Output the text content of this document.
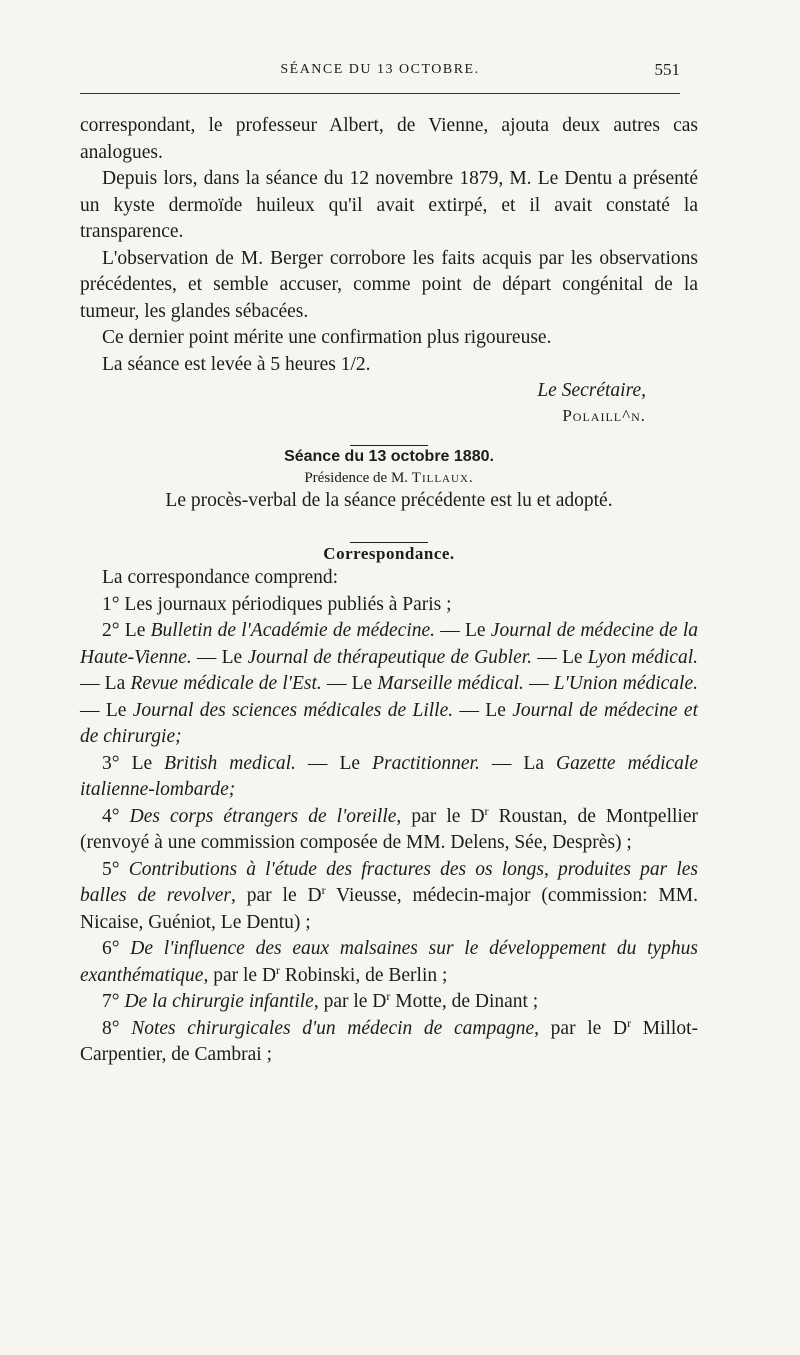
SÉANCE DU 13 OCTOBRE.	551

correspondant, le professeur Albert, de Vienne, ajouta deux autres cas analogues.

Depuis lors, dans la séance du 12 novembre 1879, M. Le Dentu a présenté un kyste dermoïde huileux qu'il avait extirpé, et il avait constaté la transparence.

L'observation de M. Berger corrobore les faits acquis par les observations précédentes, et semble accuser, comme point de départ congénital de la tumeur, les glandes sébacées.

Ce dernier point mérite une confirmation plus rigoureuse.

La séance est levée à 5 heures 1/2.

Le Secrétaire,

Polaill^n.

Séance du 13 octobre 1880.

Présidence de M. Tillaux.

Le procès-verbal de la séance précédente est lu et adopté.

Correspondance.

La correspondance comprend:

1° Les journaux périodiques publiés à Paris ;

2° Le Bulletin de l'Académie de médecine. — Le Journal de médecine de la Haute-Vienne. — Le Journal de thérapeutique de Gubler. — Le Lyon médical. — La Revue médicale de l'Est. — Le Marseille médical. — L'Union médicale. — Le Journal des sciences médicales de Lille. — Le Journal de médecine et de chirurgie;

3° Le British medical. — Le Practitionner. — La Gazette médicale italienne-lombarde;

4° Des corps étrangers de l'oreille, par le $D^r$ Roustan, de Montpellier (renvoyé à une commission composée de MM. Delens, Sée, Desprès) ;

5° Contributions à l'étude des fractures des os longs, produites par les balles de revolver, par le $D^r$ Vieusse, médecin-major (commission: MM. Nicaise, Guéniot, Le Dentu) ;

6° De l'influence des eaux malsaines sur le développement du typhus exanthématique, par le $D^r$ Robinski, de Berlin ;

7° De la chirurgie infantile, par le $D^r$ Motte, de Dinant ;

8° Notes chirurgicales d'un médecin de campagne, par le $D^r$ Millot-Carpentier, de Cambrai ;
